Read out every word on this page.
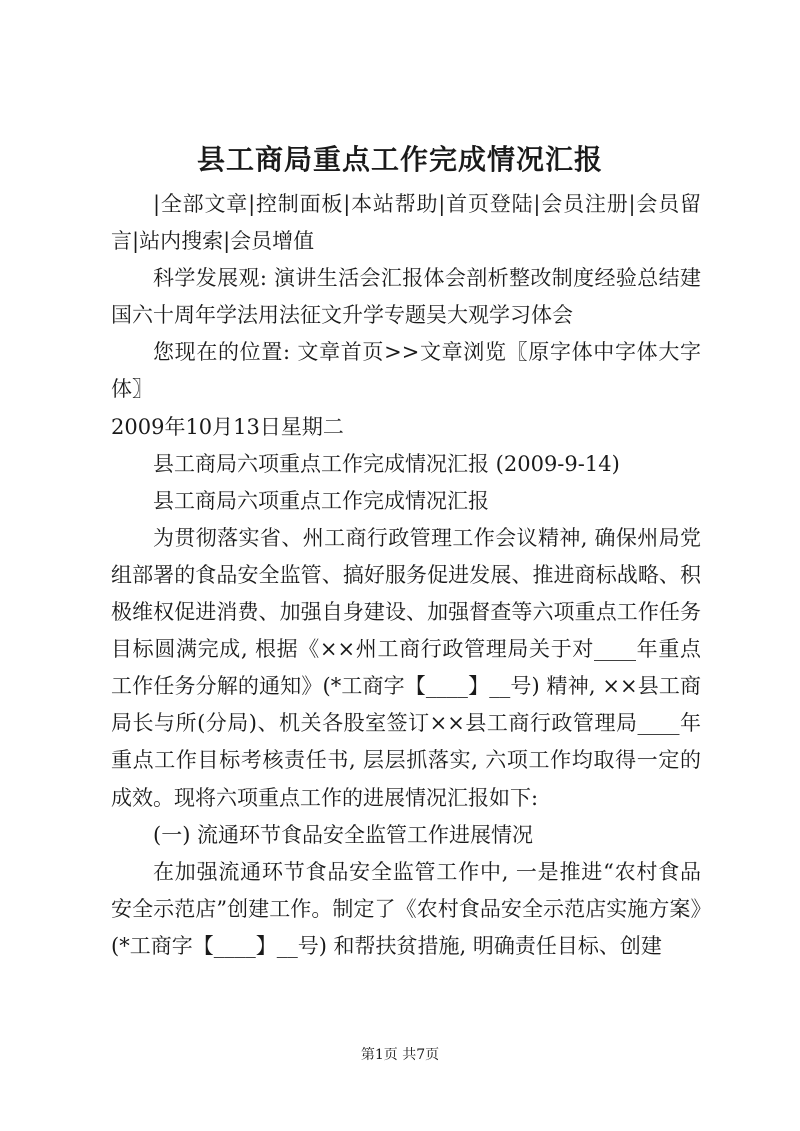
县工商局重点工作完成情况汇报

|全部文章|控制面板|本站帮助|首页登陆|会员注册|会员留言|站内搜索|会员增值

科学发展观: 演讲生活会汇报体会剖析整改制度经验总结建国六十周年学法用法征文升学专题吴大观学习体会

您现在的位置: 文章首页>>文章浏览〖原字体中字体大字体〗

2009年10月13日星期二

县工商局六项重点工作完成情况汇报 (2009-9-14)

县工商局六项重点工作完成情况汇报

为贯彻落实省、州工商行政管理工作会议精神, 确保州局党组部署的食品安全监管、搞好服务促进发展、推进商标战略、积极维权促进消费、加强自身建设、加强督查等六项重点工作任务目标圆满完成, 根据《××州工商行政管理局关于对____年重点工作任务分解的通知》(*工商字【____】__号) 精神, ××县工商局长与所(分局)、机关各股室签订××县工商行政管理局____年重点工作目标考核责任书, 层层抓落实, 六项工作均取得一定的成效。现将六项重点工作的进展情况汇报如下:

(一) 流通环节食品安全监管工作进展情况

在加强流通环节食品安全监管工作中, 一是推进“农村食品安全示范店”创建工作。制定了《农村食品安全示范店实施方案》(*工商字【____】__号) 和帮扶贫措施, 明确责任目标、创建

第1页 共7页
